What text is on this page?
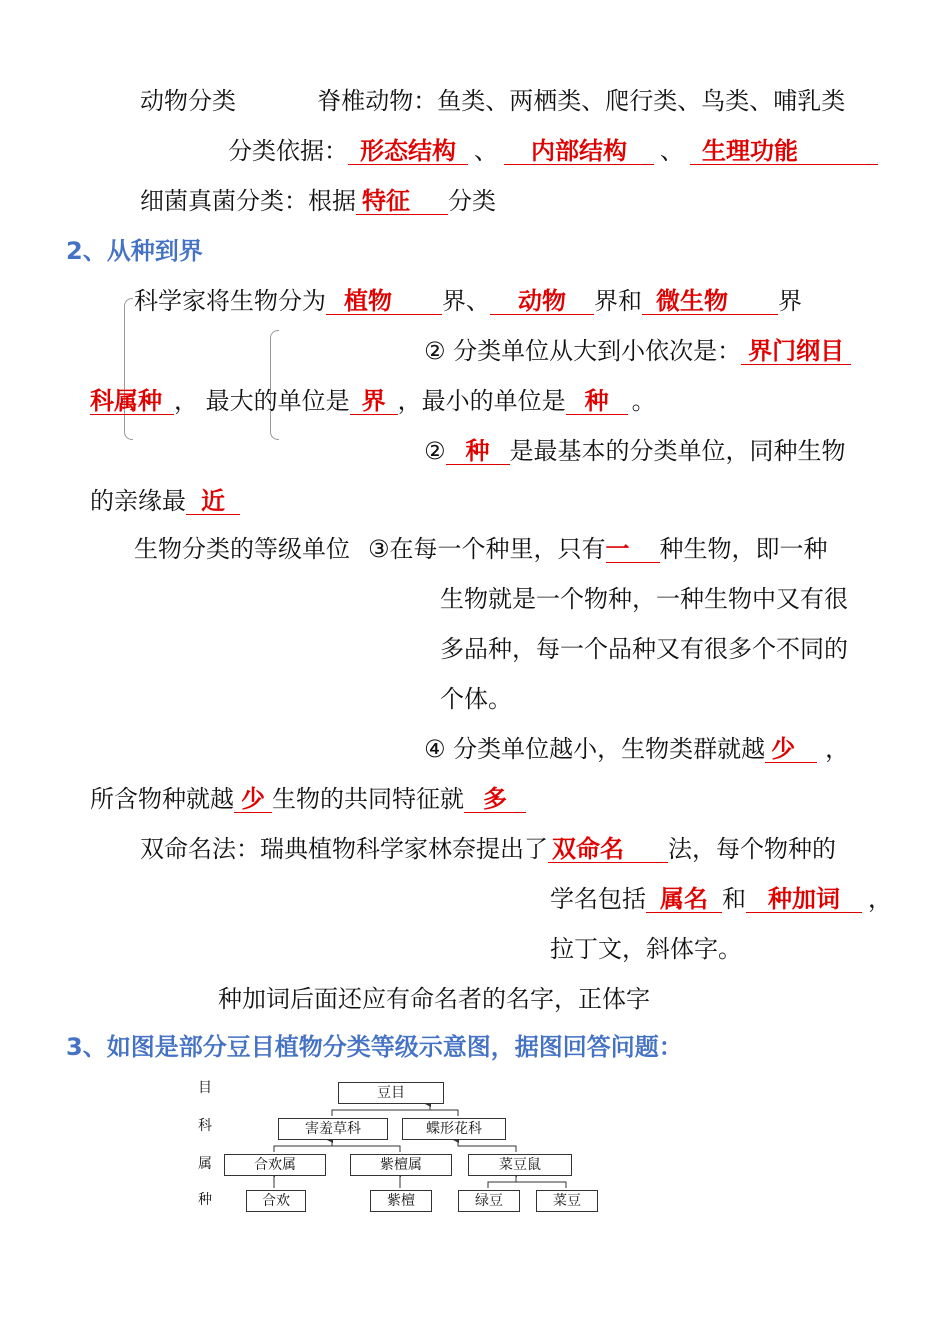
动物分类	脊椎动物：鱼类、两栖类、爬行类、鸟类、哺乳类
分类依据： 形态结构 、 内部结构 、 生理功能
细菌真菌分类：根据 特征 分类
2、从种到界
科学家将生物分为 植物 界、 动物 界和 微生物 界
② 分类单位从大到小依次是： 界门纲目
科属种 ， 最大的单位是 界 ，最小的单位是 种 。
② 种 是最基本的分类单位，同种生物
的亲缘最 近
生物分类的等级单位 ③在每一个种里，只有一 种生物，即一种
生物就是一个物种，一种生物中又有很
多品种，每一个品种又有很多个不同的
个体。
④ 分类单位越小，生物类群就越 少 ，
所含物种就越 少 生物的共同特征就 多
双命名法：瑞典植物科学家林奈提出了 双命名 法，每个物种的
学名包括 属名 和 种加词 ，
拉丁文，斜体字。
种加词后面还应有命名者的名字，正体字
3、如图是部分豆目植物分类等级示意图，据图回答问题：
目
科
属
种
豆目
害羞草科	蝶形花科
合欢属	紫檀属	菜豆鼠
合欢	紫檀	绿豆	菜豆
